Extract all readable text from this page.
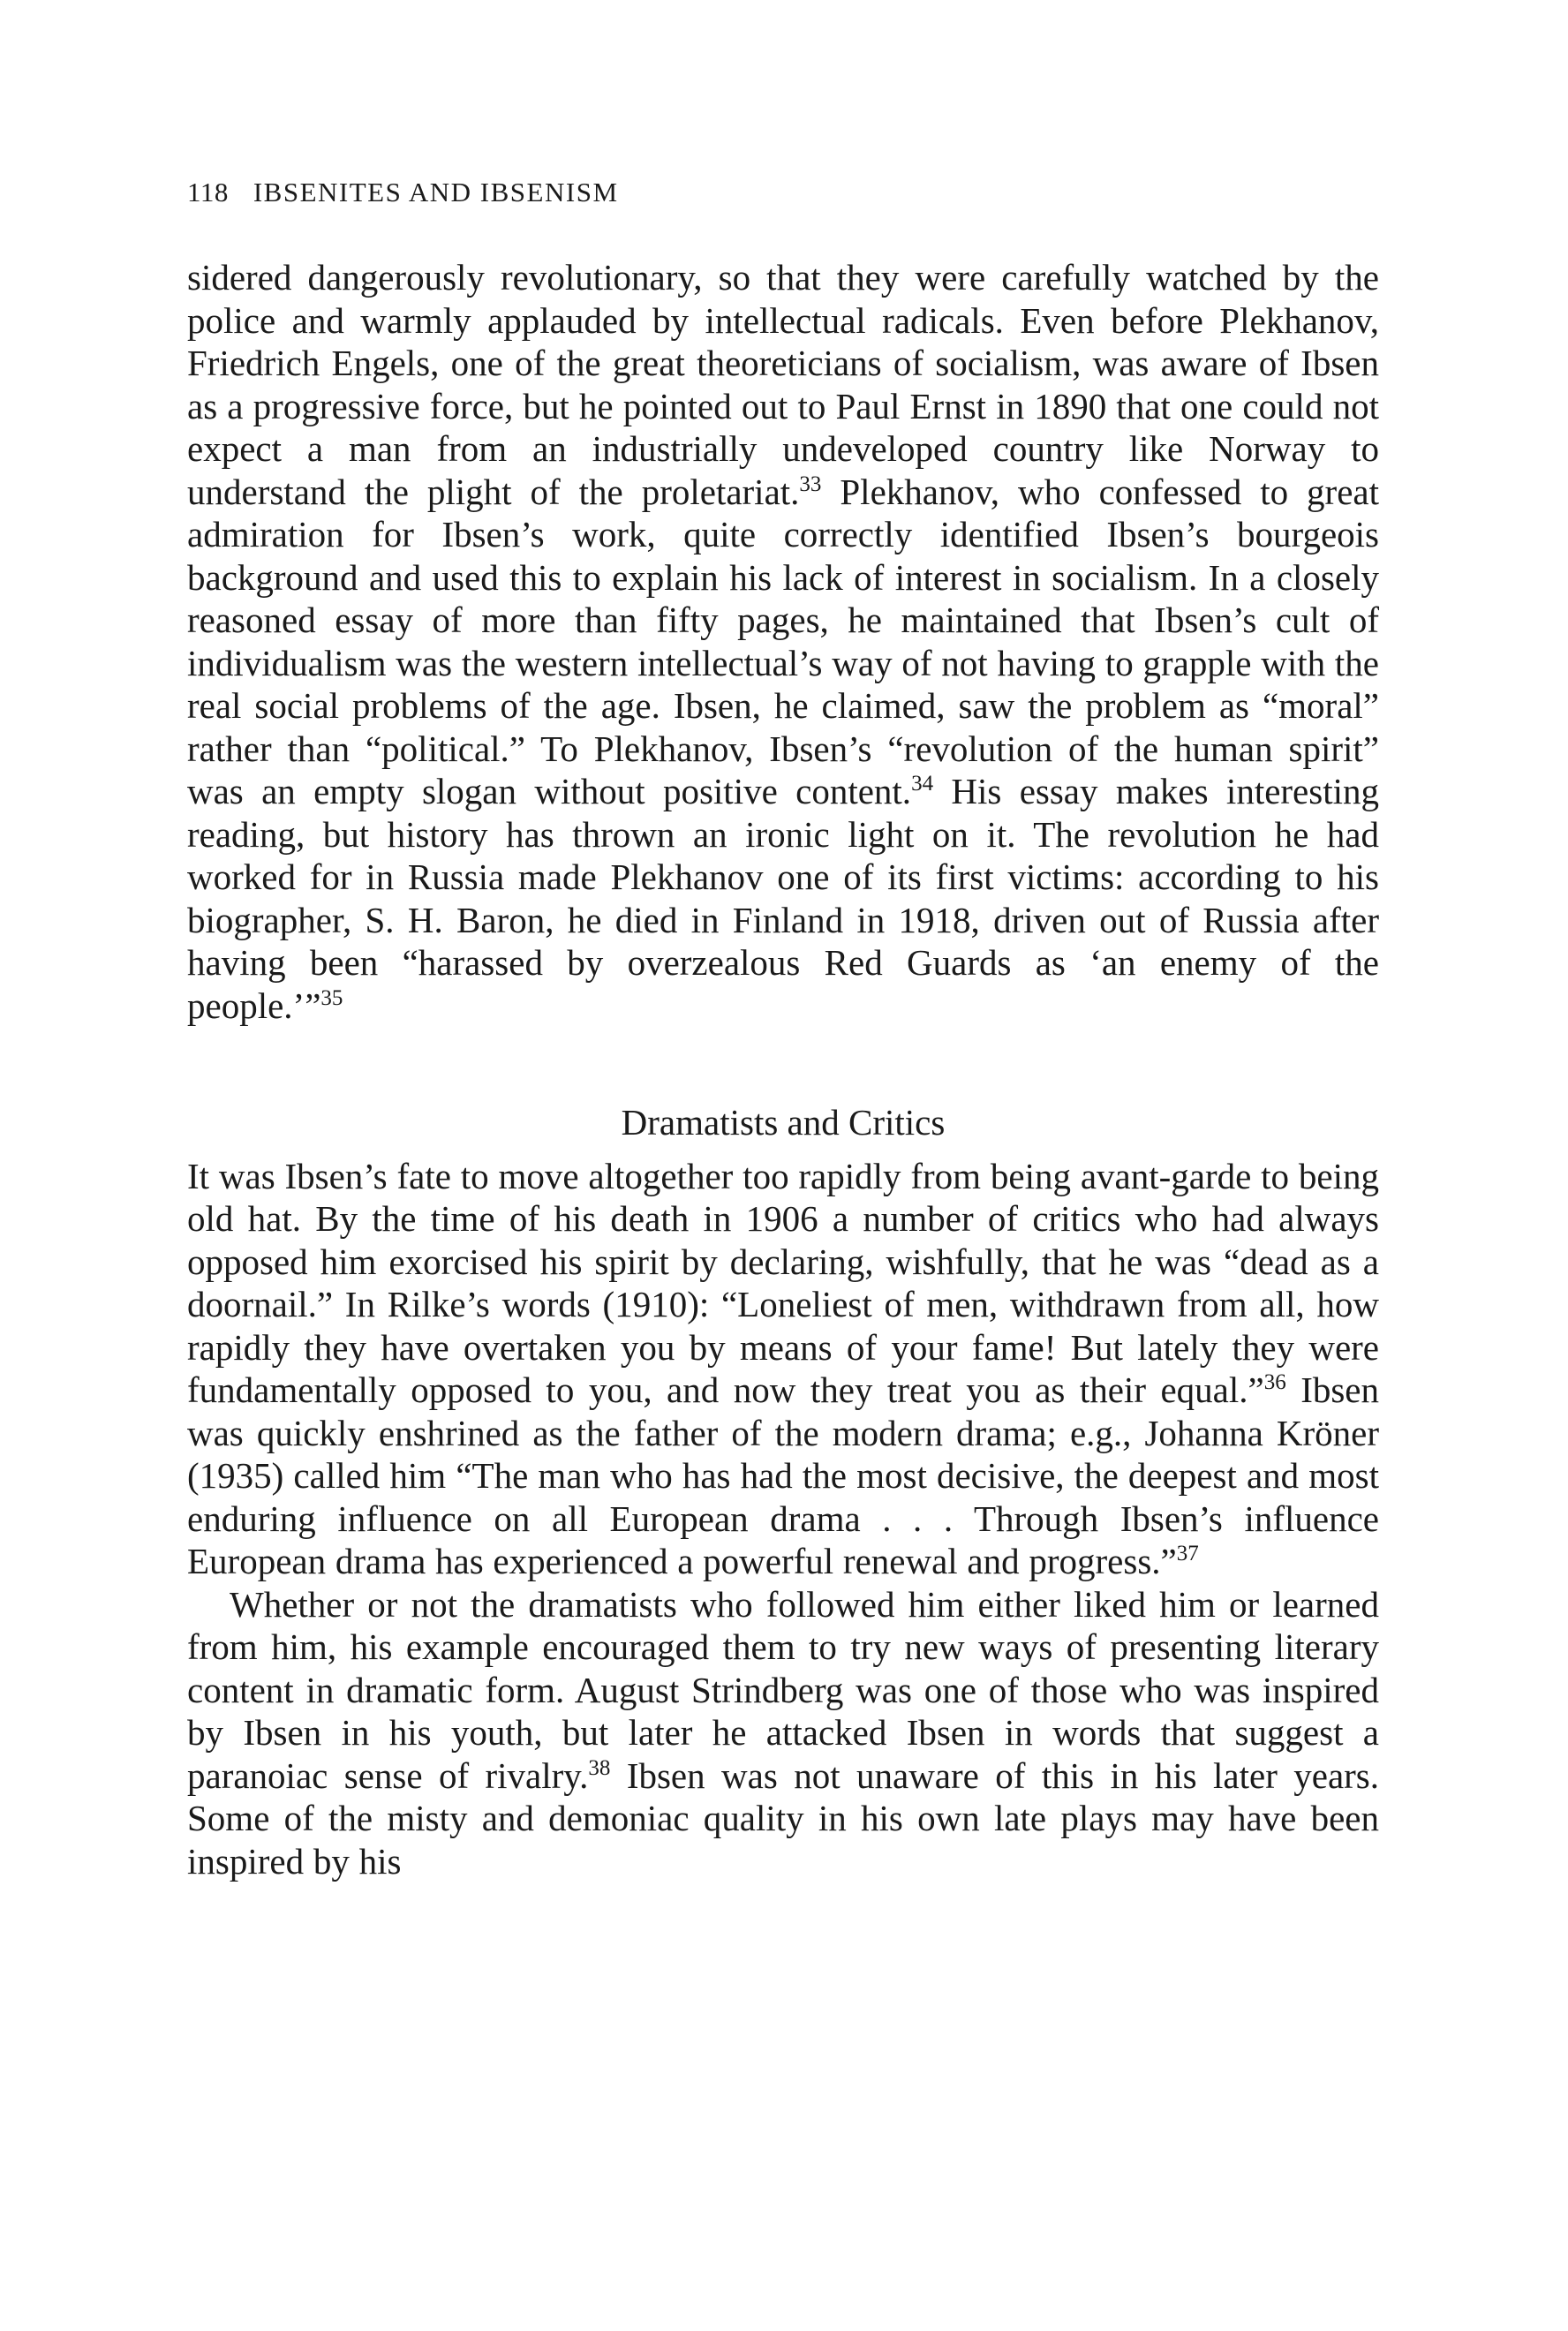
118 IBSENITES AND IBSENISM

sidered dangerously revolutionary, so that they were carefully watched by the police and warmly applauded by intellectual radicals. Even before Plekhanov, Friedrich Engels, one of the great theoreticians of socialism, was aware of Ibsen as a progressive force, but he pointed out to Paul Ernst in 1890 that one could not expect a man from an industrially undeveloped country like Norway to understand the plight of the proletariat.$^{33}$ Plekhanov, who confessed to great admiration for Ibsen’s work, quite correctly identified Ibsen’s bourgeois background and used this to explain his lack of interest in socialism. In a closely reasoned essay of more than fifty pages, he maintained that Ibsen’s cult of individualism was the western intellectual’s way of not having to grapple with the real social problems of the age. Ibsen, he claimed, saw the problem as “moral” rather than “political.” To Plekhanov, Ibsen’s “revolution of the human spirit” was an empty slogan without positive content.$^{34}$ His essay makes interesting reading, but history has thrown an ironic light on it. The revolution he had worked for in Russia made Plekhanov one of its first victims: according to his biographer, S. H. Baron, he died in Finland in 1918, driven out of Russia after having been “harassed by overzealous Red Guards as ‘an enemy of the people.’”$^{35}$

Dramatists and Critics

It was Ibsen’s fate to move altogether too rapidly from being avant-garde to being old hat. By the time of his death in 1906 a number of critics who had always opposed him exorcised his spirit by declaring, wishfully, that he was “dead as a doornail.” In Rilke’s words (1910): “Loneliest of men, withdrawn from all, how rapidly they have overtaken you by means of your fame! But lately they were fundamentally opposed to you, and now they treat you as their equal.”$^{36}$ Ibsen was quickly enshrined as the father of the modern drama; e.g., Johanna Kröner (1935) called him “The man who has had the most decisive, the deepest and most enduring influence on all European drama . . . Through Ibsen’s influence European drama has experienced a powerful renewal and progress.”$^{37}$

Whether or not the dramatists who followed him either liked him or learned from him, his example encouraged them to try new ways of presenting literary content in dramatic form. August Strindberg was one of those who was inspired by Ibsen in his youth, but later he attacked Ibsen in words that suggest a paranoiac sense of rivalry.$^{38}$ Ibsen was not unaware of this in his later years. Some of the misty and demoniac quality in his own late plays may have been inspired by his
